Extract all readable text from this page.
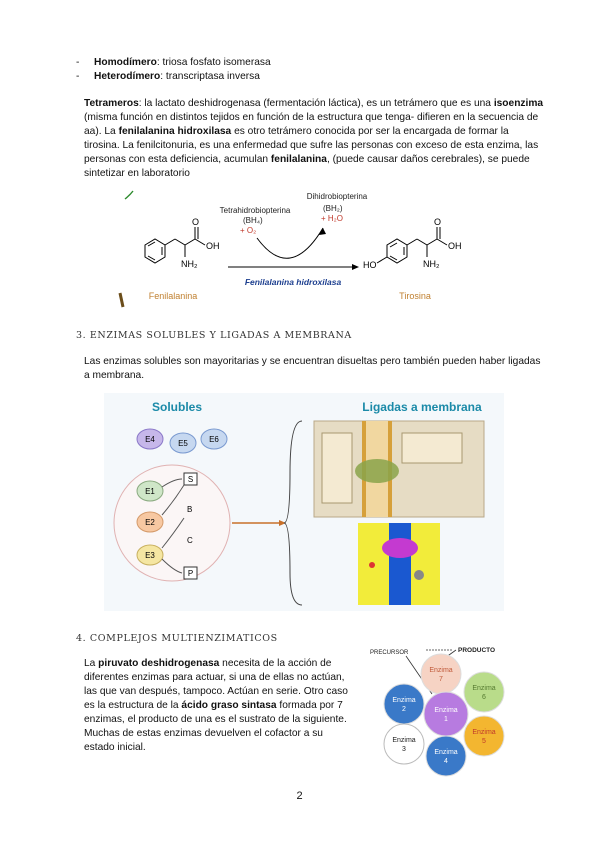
-	Homodímero: triosa fosfato isomerasa
-	Heterodímero: transcriptasa inversa
Tetrameros: la lactato deshidrogenasa (fermentación láctica), es un tetrámero que es una isoenzima (misma función en distintos tejidos en función de la estructura que tenga- difieren en la secuencia de aa). La fenilalanina hidroxilasa es otro tetrámero conocida por ser la encargada de formar la tirosina. La fenilcitonuria, es una enfermedad que sufre las personas con exceso de esta enzima, las personas con esta deficiencia, acumulan fenilalanina, (puede causar daños cerebrales), se puede sintetizar en laboratorio
O
OH
NH₂
Tetrahidrobiopterina
(BH₄)
+ O₂
Dihidrobiopterina
(BH₂)
+ H₂O
Fenilalanina hidroxilasa
HO
O
OH
NH₂
Fenilalanina	Tirosina
3. ENZIMAS SOLUBLES Y LIGADAS A MEMBRANA
Las enzimas solubles son mayoritarias y se encuentran disueltas pero también pueden haber ligadas a membrana.
Solubles	Ligadas a membrana
E4	E5	E6
E1
E2
E3
S
B
C
P
4. COMPLEJOS MULTIENZIMATICOS
La piruvato deshidrogenasa necesita de la acción de diferentes enzimas para actuar, si una de ellas no actúan, las que van después, tampoco. Actúan en serie. Otro caso es la estructura de la ácido graso sintasa formada por 7 enzimas, el producto de una es el sustrato de la siguiente. Muchas de estas enzimas devuelven el cofactor a su estado inicial.
PRECURSOR	PRODUCTO
Enzima
7
Enzima
6
Enzima
2
Enzima
5
Enzima
1
Enzima
3	Enzima
4
2
